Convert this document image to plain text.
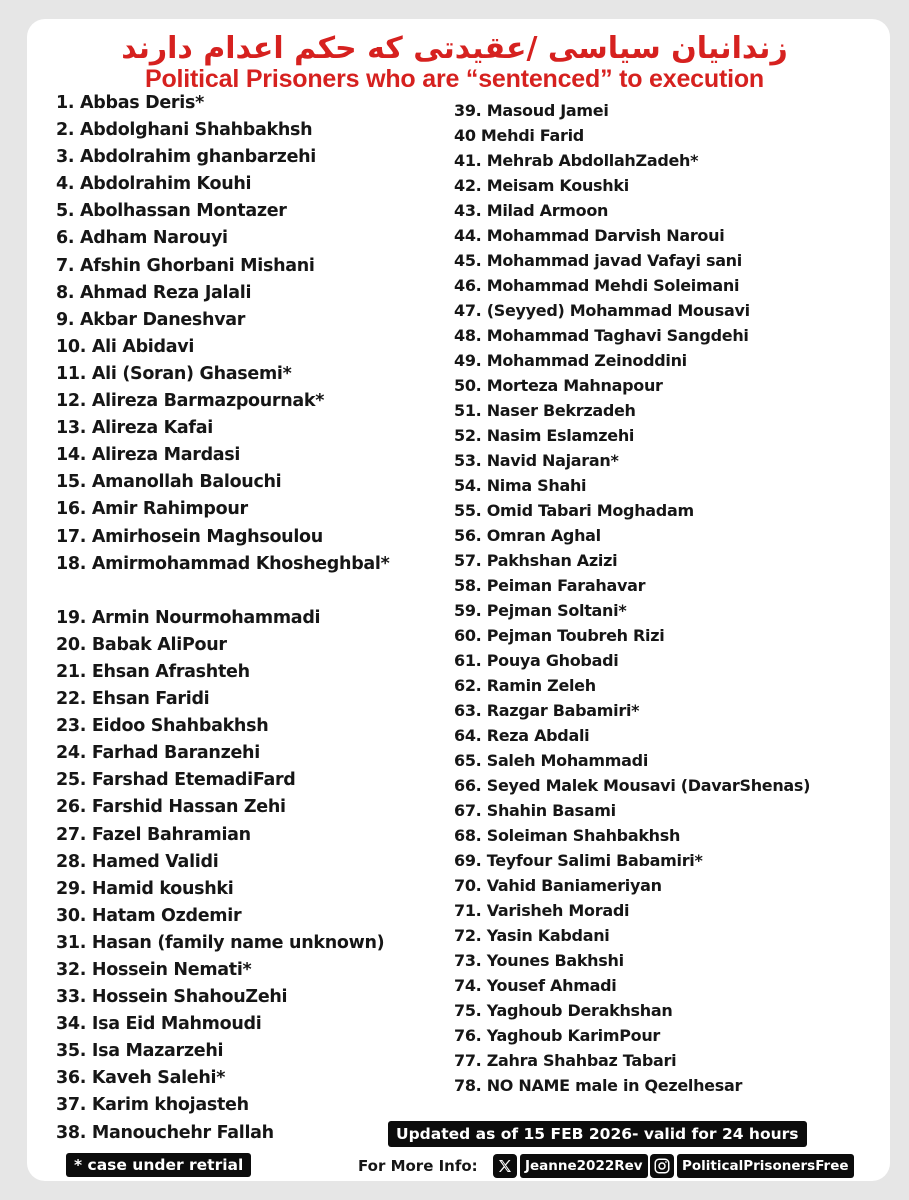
زندانیان سیاسی /عقیدتی که حکم اعدام دارند
Political Prisoners who are “sentenced” to execution
1. Abbas Deris*
2. Abdolghani Shahbakhsh
3. Abdolrahim ghanbarzehi
4. Abdolrahim Kouhi
5. Abolhassan Montazer
6. Adham Narouyi
7. Afshin Ghorbani Mishani
8. Ahmad Reza Jalali
9. Akbar Daneshvar
10. Ali Abidavi
11. Ali (Soran) Ghasemi*
12. Alireza Barmazpournak*
13. Alireza Kafai
14. Alireza Mardasi
15. Amanollah Balouchi
16. Amir Rahimpour
17. Amirhosein Maghsoulou
18. Amirmohammad Khosheghbal*
19. Armin Nourmohammadi
20. Babak AliPour
21. Ehsan Afrashteh
22. Ehsan Faridi
23. Eidoo Shahbakhsh
24. Farhad Baranzehi
25. Farshad EtemadiFard
26. Farshid Hassan Zehi
27. Fazel Bahramian
28. Hamed Validi
29. Hamid koushki
30. Hatam Ozdemir
31. Hasan (family name unknown)
32. Hossein Nemati*
33. Hossein ShahouZehi
34. Isa Eid Mahmoudi
35. Isa Mazarzehi
36. Kaveh Salehi*
37. Karim khojasteh
38. Manouchehr Fallah
39. Masoud Jamei
40 Mehdi Farid
41. Mehrab AbdollahZadeh*
42. Meisam Koushki
43. Milad Armoon
44. Mohammad Darvish Naroui
45. Mohammad javad Vafayi sani
46. Mohammad Mehdi Soleimani
47. (Seyyed) Mohammad Mousavi
48. Mohammad Taghavi Sangdehi
49. Mohammad Zeinoddini
50. Morteza Mahnapour
51. Naser Bekrzadeh
52. Nasim Eslamzehi
53. Navid Najaran*
54. Nima Shahi
55. Omid Tabari Moghadam
56. Omran Aghal
57. Pakhshan Azizi
58. Peiman Farahavar
59. Pejman Soltani*
60. Pejman Toubreh Rizi
61. Pouya Ghobadi
62. Ramin Zeleh
63. Razgar Babamiri*
64. Reza Abdali
65. Saleh Mohammadi
66. Seyed Malek Mousavi (DavarShenas)
67. Shahin Basami
68. Soleiman Shahbakhsh
69. Teyfour Salimi Babamiri*
70. Vahid Baniameriyan
71. Varisheh Moradi
72. Yasin Kabdani
73. Younes Bakhshi
74. Yousef Ahmadi
75. Yaghoub Derakhshan
76. Yaghoub KarimPour
77. Zahra Shahbaz Tabari
78. NO NAME male in Qezelhesar
Updated as of 15 FEB 2026- valid for 24 hours
* case under retrial	For More Info:	Jeanne2022Rev	PoliticalPrisonersFree
